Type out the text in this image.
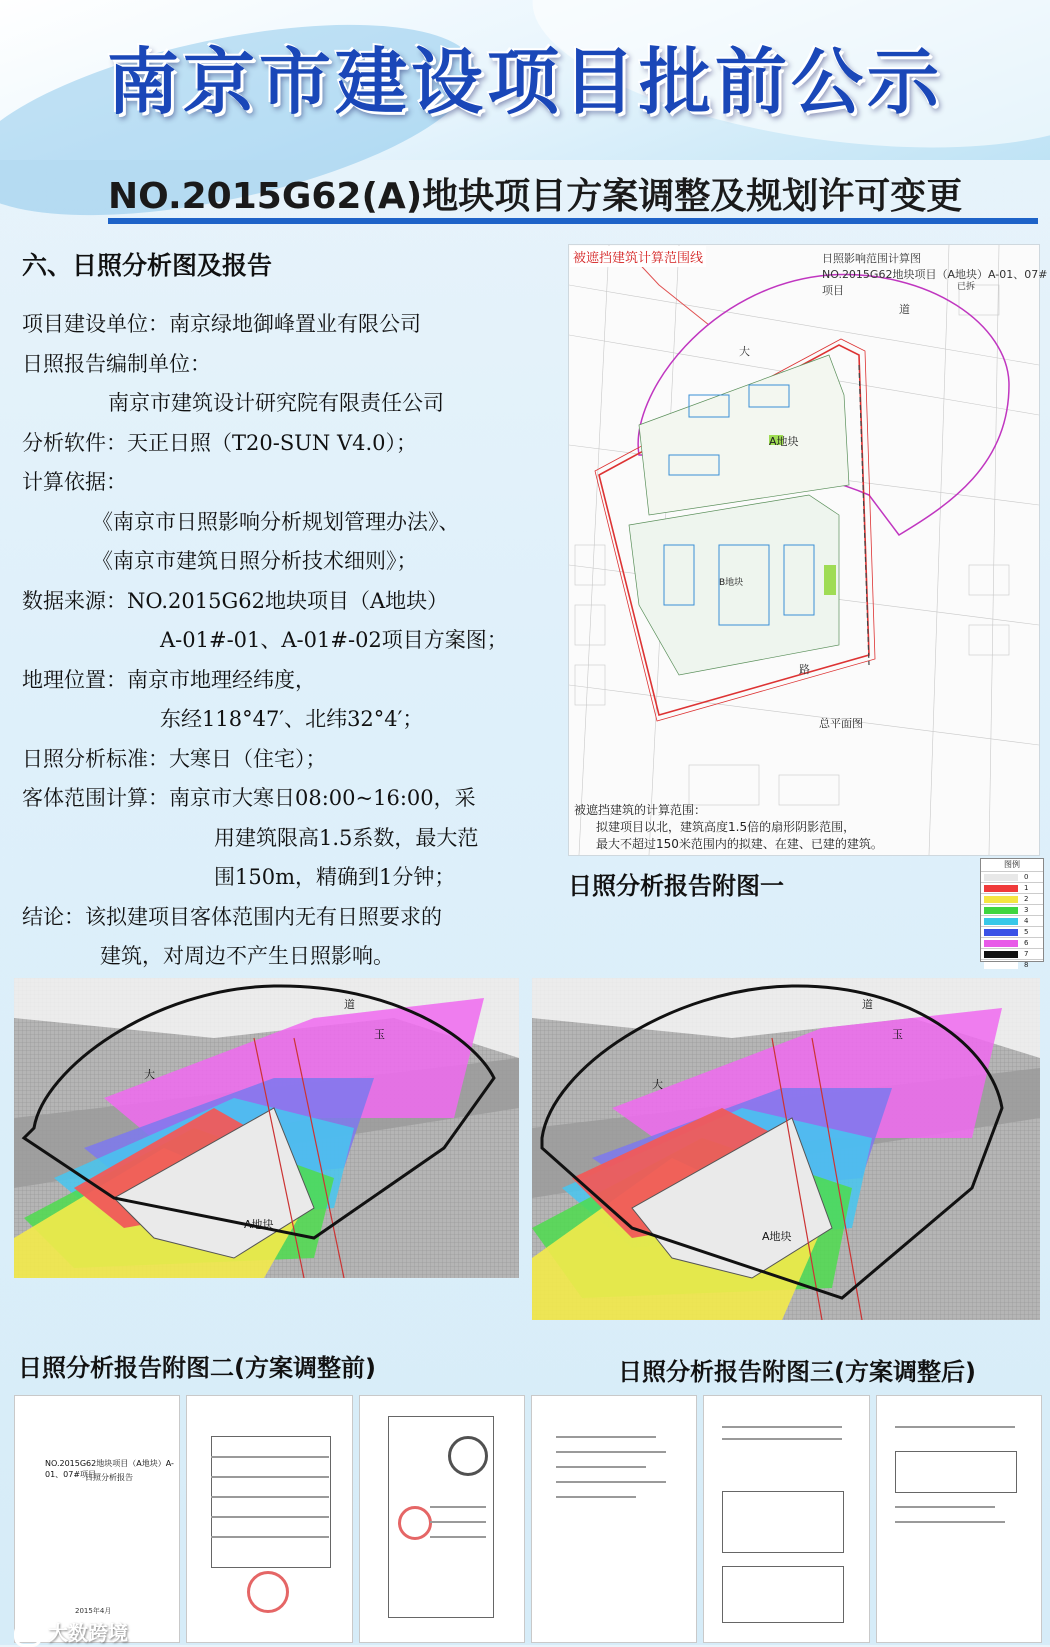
南京市建设项目批前公示
NO.2015G62(A)地块项目方案调整及规划许可变更
六、日照分析图及报告
项目建设单位：南京绿地御峰置业有限公司
日照报告编制单位：
南京市建筑设计研究院有限责任公司
分析软件：天正日照（T20-SUN V4.0）；
计算依据：
《南京市日照影响分析规划管理办法》、
《南京市建筑日照分析技术细则》；
数据来源：NO.2015G62地块项目（A地块）
A-01#-01、A-01#-02项目方案图；
地理位置：南京市地理经纬度，
东经118°47′、北纬32°4′；
日照分析标准：大寒日（住宅）；
客体范围计算：南京市大寒日08:00~16:00，采
用建筑限高1.5系数，最大范
围150m，精确到1分钟；
结论：该拟建项目客体范围内无有日照要求的
建筑，对周边不产生日照影响。
A地块
B地块
总平面图
道
大
路
已拆
被遮挡建筑计算范围线	日照影响范围计算图
NO.2015G62地块项目（A地块）A-01、07#项目
被遮挡建筑的计算范围：
拟建项目以北，建筑高度1.5倍的扇形阴影范围，
最大不超过150米范围内的拟建、在建、已建的建筑。
日照分析报告附图一
图例
0
1
2
3
4
5
6
7
8
A地块
道
大
玉
A地块
道
大
玉
日照分析报告附图二(方案调整前)	日照分析报告附图三(方案调整后)
NO.2015G62地块项目（A地块）A-01、07#项目
日照分析报告
2015年4月
大数跨境
